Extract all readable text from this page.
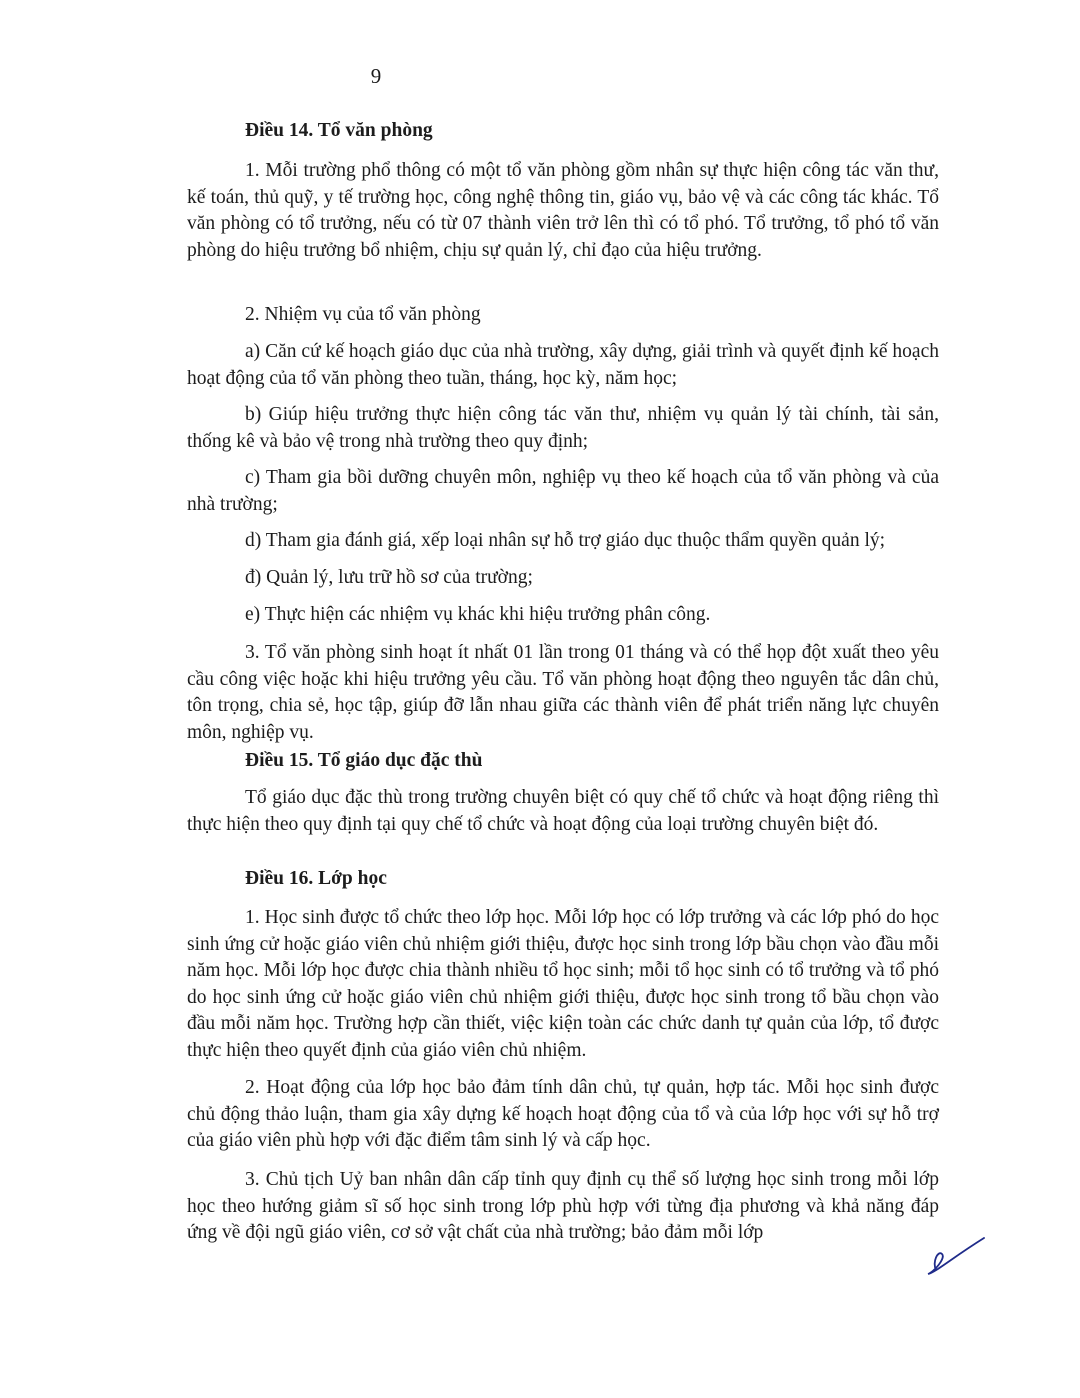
9
Điều 14. Tổ văn phòng
1. Mỗi trường phổ thông có một tổ văn phòng gồm nhân sự thực hiện công tác văn thư, kế toán, thủ quỹ, y tế trường học, công nghệ thông tin, giáo vụ, bảo vệ và các công tác khác. Tổ văn phòng có tổ trưởng, nếu có từ 07 thành viên trở lên thì có tổ phó. Tổ trưởng, tổ phó tổ văn phòng do hiệu trưởng bổ nhiệm, chịu sự quản lý, chỉ đạo của hiệu trưởng.
2. Nhiệm vụ của tổ văn phòng
a) Căn cứ kế hoạch giáo dục của nhà trường, xây dựng, giải trình và quyết định kế hoạch hoạt động của tổ văn phòng theo tuần, tháng, học kỳ, năm học;
b) Giúp hiệu trưởng thực hiện công tác văn thư, nhiệm vụ quản lý tài chính, tài sản, thống kê và bảo vệ trong nhà trường theo quy định;
c) Tham gia bồi dưỡng chuyên môn, nghiệp vụ theo kế hoạch của tổ văn phòng và của nhà trường;
d) Tham gia đánh giá, xếp loại nhân sự hỗ trợ giáo dục thuộc thẩm quyền quản lý;
đ) Quản lý, lưu trữ hồ sơ của trường;
e) Thực hiện các nhiệm vụ khác khi hiệu trưởng phân công.
3. Tổ văn phòng sinh hoạt ít nhất 01 lần trong 01 tháng và có thể họp đột xuất theo yêu cầu công việc hoặc khi hiệu trưởng yêu cầu. Tổ văn phòng hoạt động theo nguyên tắc dân chủ, tôn trọng, chia sẻ, học tập, giúp đỡ lẫn nhau giữa các thành viên để phát triển năng lực chuyên môn, nghiệp vụ.
Điều 15. Tổ giáo dục đặc thù
Tổ giáo dục đặc thù trong trường chuyên biệt có quy chế tổ chức và hoạt động riêng thì thực hiện theo quy định tại quy chế tổ chức và hoạt động của loại trường chuyên biệt đó.
Điều 16. Lớp học
1. Học sinh được tổ chức theo lớp học. Mỗi lớp học có lớp trưởng và các lớp phó do học sinh ứng cử hoặc giáo viên chủ nhiệm giới thiệu, được học sinh trong lớp bầu chọn vào đầu mỗi năm học. Mỗi lớp học được chia thành nhiều tổ học sinh; mỗi tổ học sinh có tổ trưởng và tổ phó do học sinh ứng cử hoặc giáo viên chủ nhiệm giới thiệu, được học sinh trong tổ bầu chọn vào đầu mỗi năm học. Trường hợp cần thiết, việc kiện toàn các chức danh tự quản của lớp, tổ được thực hiện theo quyết định của giáo viên chủ nhiệm.
2. Hoạt động của lớp học bảo đảm tính dân chủ, tự quản, hợp tác. Mỗi học sinh được chủ động thảo luận, tham gia xây dựng kế hoạch hoạt động của tổ và của lớp học với sự hỗ trợ của giáo viên phù hợp với đặc điểm tâm sinh lý và cấp học.
3. Chủ tịch Uỷ ban nhân dân cấp tỉnh quy định cụ thể số lượng học sinh trong mỗi lớp học theo hướng giảm sĩ số học sinh trong lớp phù hợp với từng địa phương và khả năng đáp ứng về đội ngũ giáo viên, cơ sở vật chất của nhà trường; bảo đảm mỗi lớp
